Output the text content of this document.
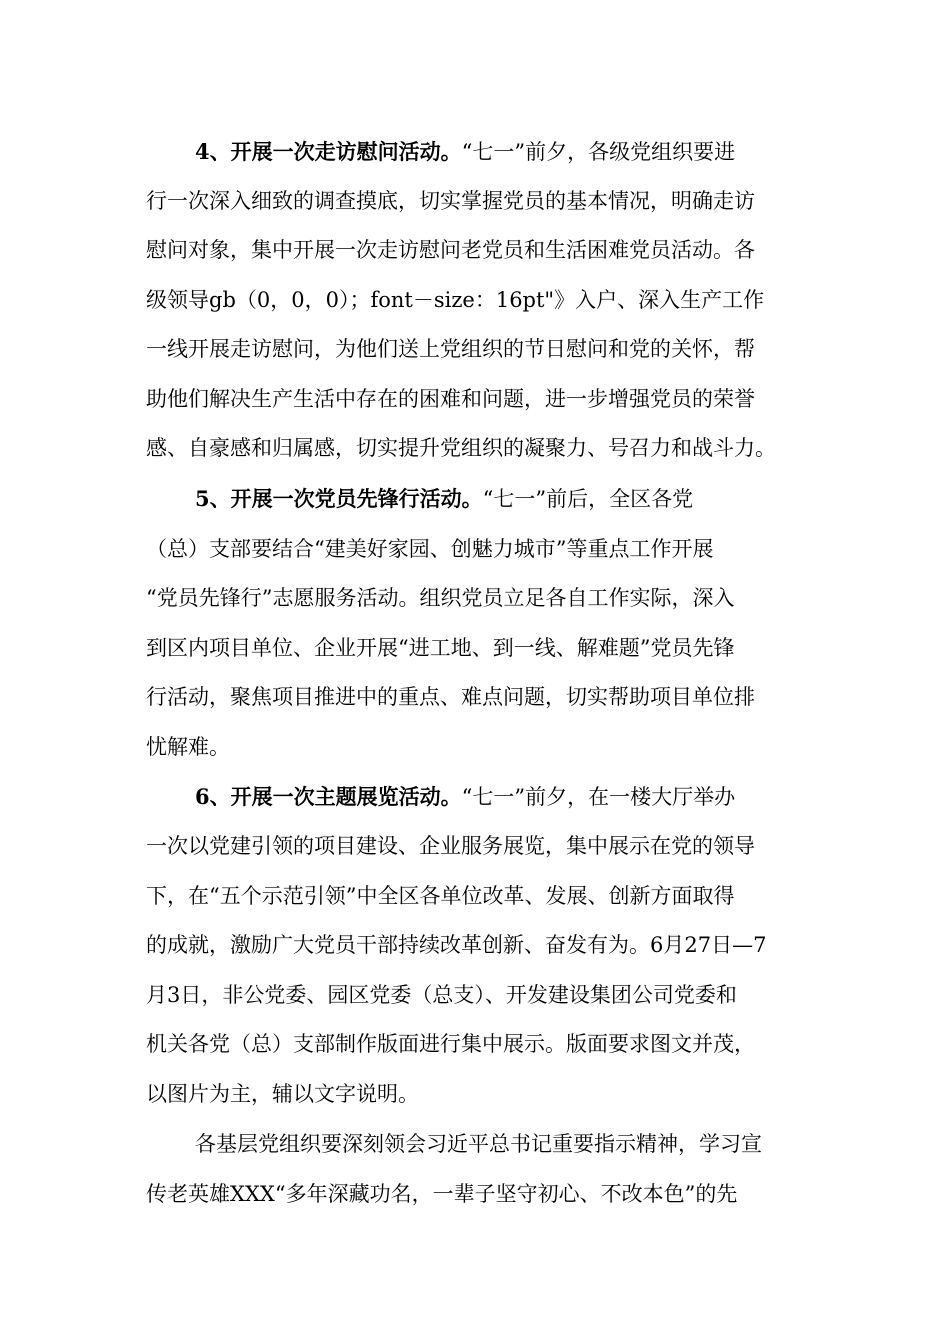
4、开展一次走访慰问活动。“七一”前夕，各级党组织要进
行一次深入细致的调查摸底，切实掌握党员的基本情况，明确走访
慰问对象，集中开展一次走访慰问老党员和生活困难党员活动。各
级领导gb（0，0，0）；font－size：16pt"》入户、深入生产工作
一线开展走访慰问，为他们送上党组织的节日慰问和党的关怀，帮
助他们解决生产生活中存在的困难和问题，进一步增强党员的荣誉
感、自豪感和归属感，切实提升党组织的凝聚力、号召力和战斗力。
5、开展一次党员先锋行活动。“七一”前后，全区各党
（总）支部要结合“建美好家园、创魅力城市”等重点工作开展
“党员先锋行”志愿服务活动。组织党员立足各自工作实际，深入
到区内项目单位、企业开展“进工地、到一线、解难题”党员先锋
行活动，聚焦项目推进中的重点、难点问题，切实帮助项目单位排
忧解难。
6、开展一次主题展览活动。“七一”前夕，在一楼大厅举办
一次以党建引领的项目建设、企业服务展览，集中展示在党的领导
下，在“五个示范引领”中全区各单位改革、发展、创新方面取得
的成就，激励广大党员干部持续改革创新、奋发有为。6月27日—7
月3日，非公党委、园区党委（总支）、开发建设集团公司党委和
机关各党（总）支部制作版面进行集中展示。版面要求图文并茂，
以图片为主，辅以文字说明。
各基层党组织要深刻领会习近平总书记重要指示精神，学习宣
传老英雄XXX“多年深藏功名，一辈子坚守初心、不改本色”的先
